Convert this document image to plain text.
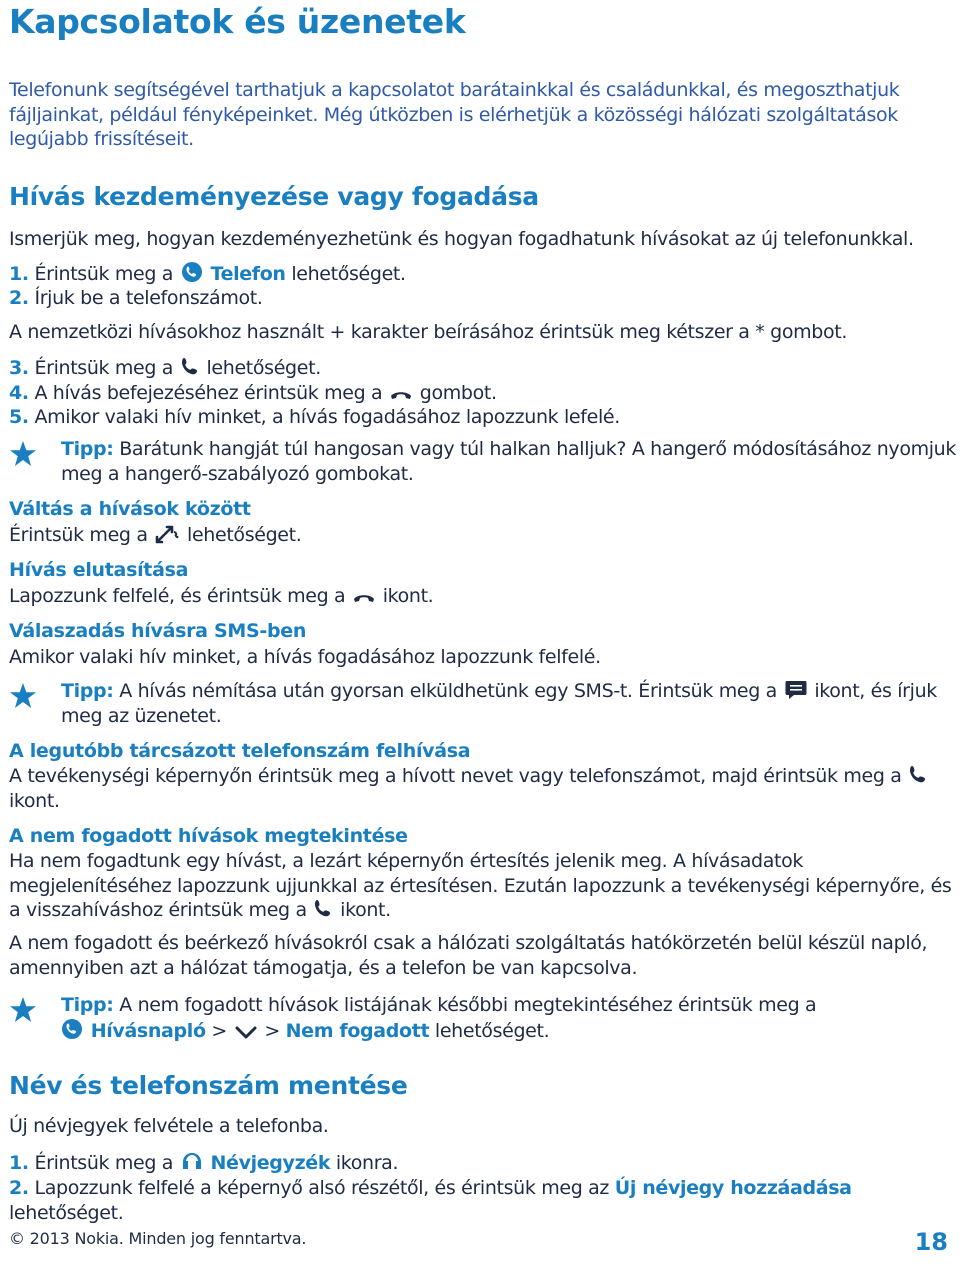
Kapcsolatok és üzenetek

Telefonunk segítségével tarthatjuk a kapcsolatot barátainkkal és családunkkal, és megoszthatjuk fájljainkat, például fényképeinket. Még útközben is elérhetjük a közösségi hálózati szolgáltatások legújabb frissítéseit.

Hívás kezdeményezése vagy fogadása

Ismerjük meg, hogyan kezdeményezhetünk és hogyan fogadhatunk hívásokat az új telefonunkkal.

1. Érintsük meg a Telefon lehetőséget.

2. Írjuk be a telefonszámot.

A nemzetközi hívásokhoz használt + karakter beírásához érintsük meg kétszer a * gombot.

3. Érintsük meg a lehetőséget.

4. A hívás befejezéséhez érintsük meg a gombot.

5. Amikor valaki hív minket, a hívás fogadásához lapozzunk lefelé.

Tipp: Barátunk hangját túl hangosan vagy túl halkan halljuk? A hangerő módosításához nyomjuk meg a hangerő-szabályozó gombokat.
Váltás a hívások között

Érintsük meg a lehetőséget.

Hívás elutasítása

Lapozzunk felfelé, és érintsük meg a ikont.

Válaszadás hívásra SMS-ben

Amikor valaki hív minket, a hívás fogadásához lapozzunk felfelé.

Tipp: A hívás némítása után gyorsan elküldhetünk egy SMS-t. Érintsük meg a ikont, és írjuk meg az üzenetet.
A legutóbb tárcsázott telefonszám felhívása

A tevékenységi képernyőn érintsük meg a hívott nevet vagy telefonszámot, majd érintsük meg a  ikont.

A nem fogadott hívások megtekintése

Ha nem fogadtunk egy hívást, a lezárt képernyőn értesítés jelenik meg. A hívásadatok megjelenítéséhez lapozzunk ujjunkkal az értesítésen. Ezután lapozzunk a tevékenységi képernyőre, és a visszahíváshoz érintsük meg a ikont.

A nem fogadott és beérkező hívásokról csak a hálózati szolgáltatás hatókörzetén belül készül napló, amennyiben azt a hálózat támogatja, és a telefon be van kapcsolva.

Tipp: A nem fogadott hívások listájának későbbi megtekintéséhez érintsük meg a
Hívásnapló > > Nem fogadott lehetőséget.
Név és telefonszám mentése

Új névjegyek felvétele a telefonba.

1. Érintsük meg a Névjegyzék ikonra.

2. Lapozzunk felfelé a képernyő alsó részétől, és érintsük meg az Új névjegy hozzáadása lehetőséget.

© 2013 Nokia. Minden jog fenntartva.	18
